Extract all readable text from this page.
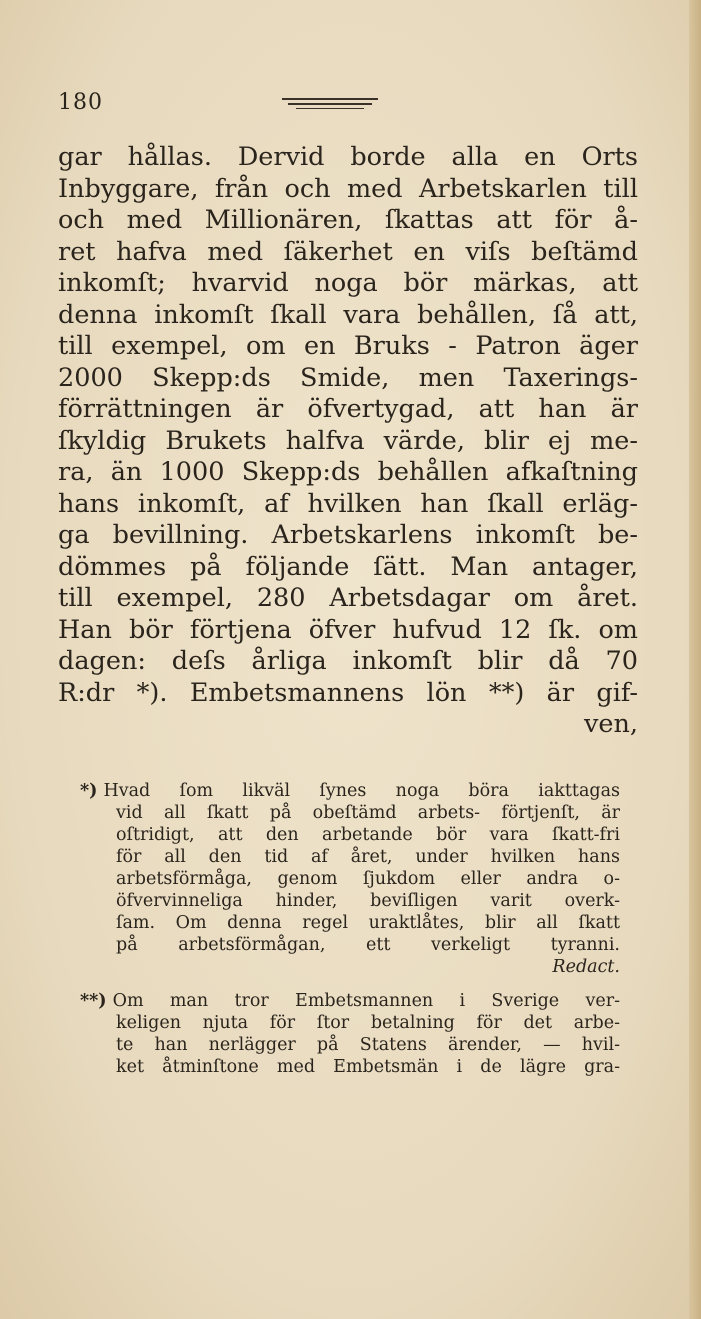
180
gar hållas. Dervid borde alla en Orts
Inbyggare, från och med Arbetskarlen till
och med Millionären, ſkattas att för å-
ret hafva med ſäkerhet en viſs beſtämd
inkomſt; hvarvid noga bör märkas, att
denna inkomſt ſkall vara behållen, ſå att,
till exempel, om en Bruks - Patron äger
2000 Skepp:ds Smide, men Taxerings-
förrättningen är öfvertygad, att han är
ſkyldig Brukets halfva värde, blir ej me-
ra, än 1000 Skepp:ds behållen afkaſtning
hans inkomſt, af hvilken han ſkall erläg-
ga bevillning. Arbetskarlens inkomſt be-
dömmes på följande ſätt. Man antager,
till exempel, 280 Arbetsdagar om året.
Han bör förtjena öfver hufvud 12 ſk. om
dagen: deſs årliga inkomſt blir då 70
R:dr *). Embetsmannens lön **) är gif-
ven,
*) Hvad ſom likväl ſynes noga böra iakttagas
vid all ſkatt på obeſtämd arbets- förtjenſt, är
oſtridigt, att den arbetande bör vara ſkatt-fri
för all den tid af året, under hvilken hans
arbetsförmåga, genom ſjukdom eller andra o-
öfvervinneliga hinder, beviſligen varit overk-
ſam. Om denna regel uraktlåtes, blir all ſkatt
på arbetsförmågan, ett verkeligt tyranni.
Redact.
**) Om man tror Embetsmannen i Sverige ver-
keligen njuta för ſtor betalning för det arbe-
te han nerlägger på Statens ärender, — hvil-
ket åtminſtone med Embetsmän i de lägre gra-
